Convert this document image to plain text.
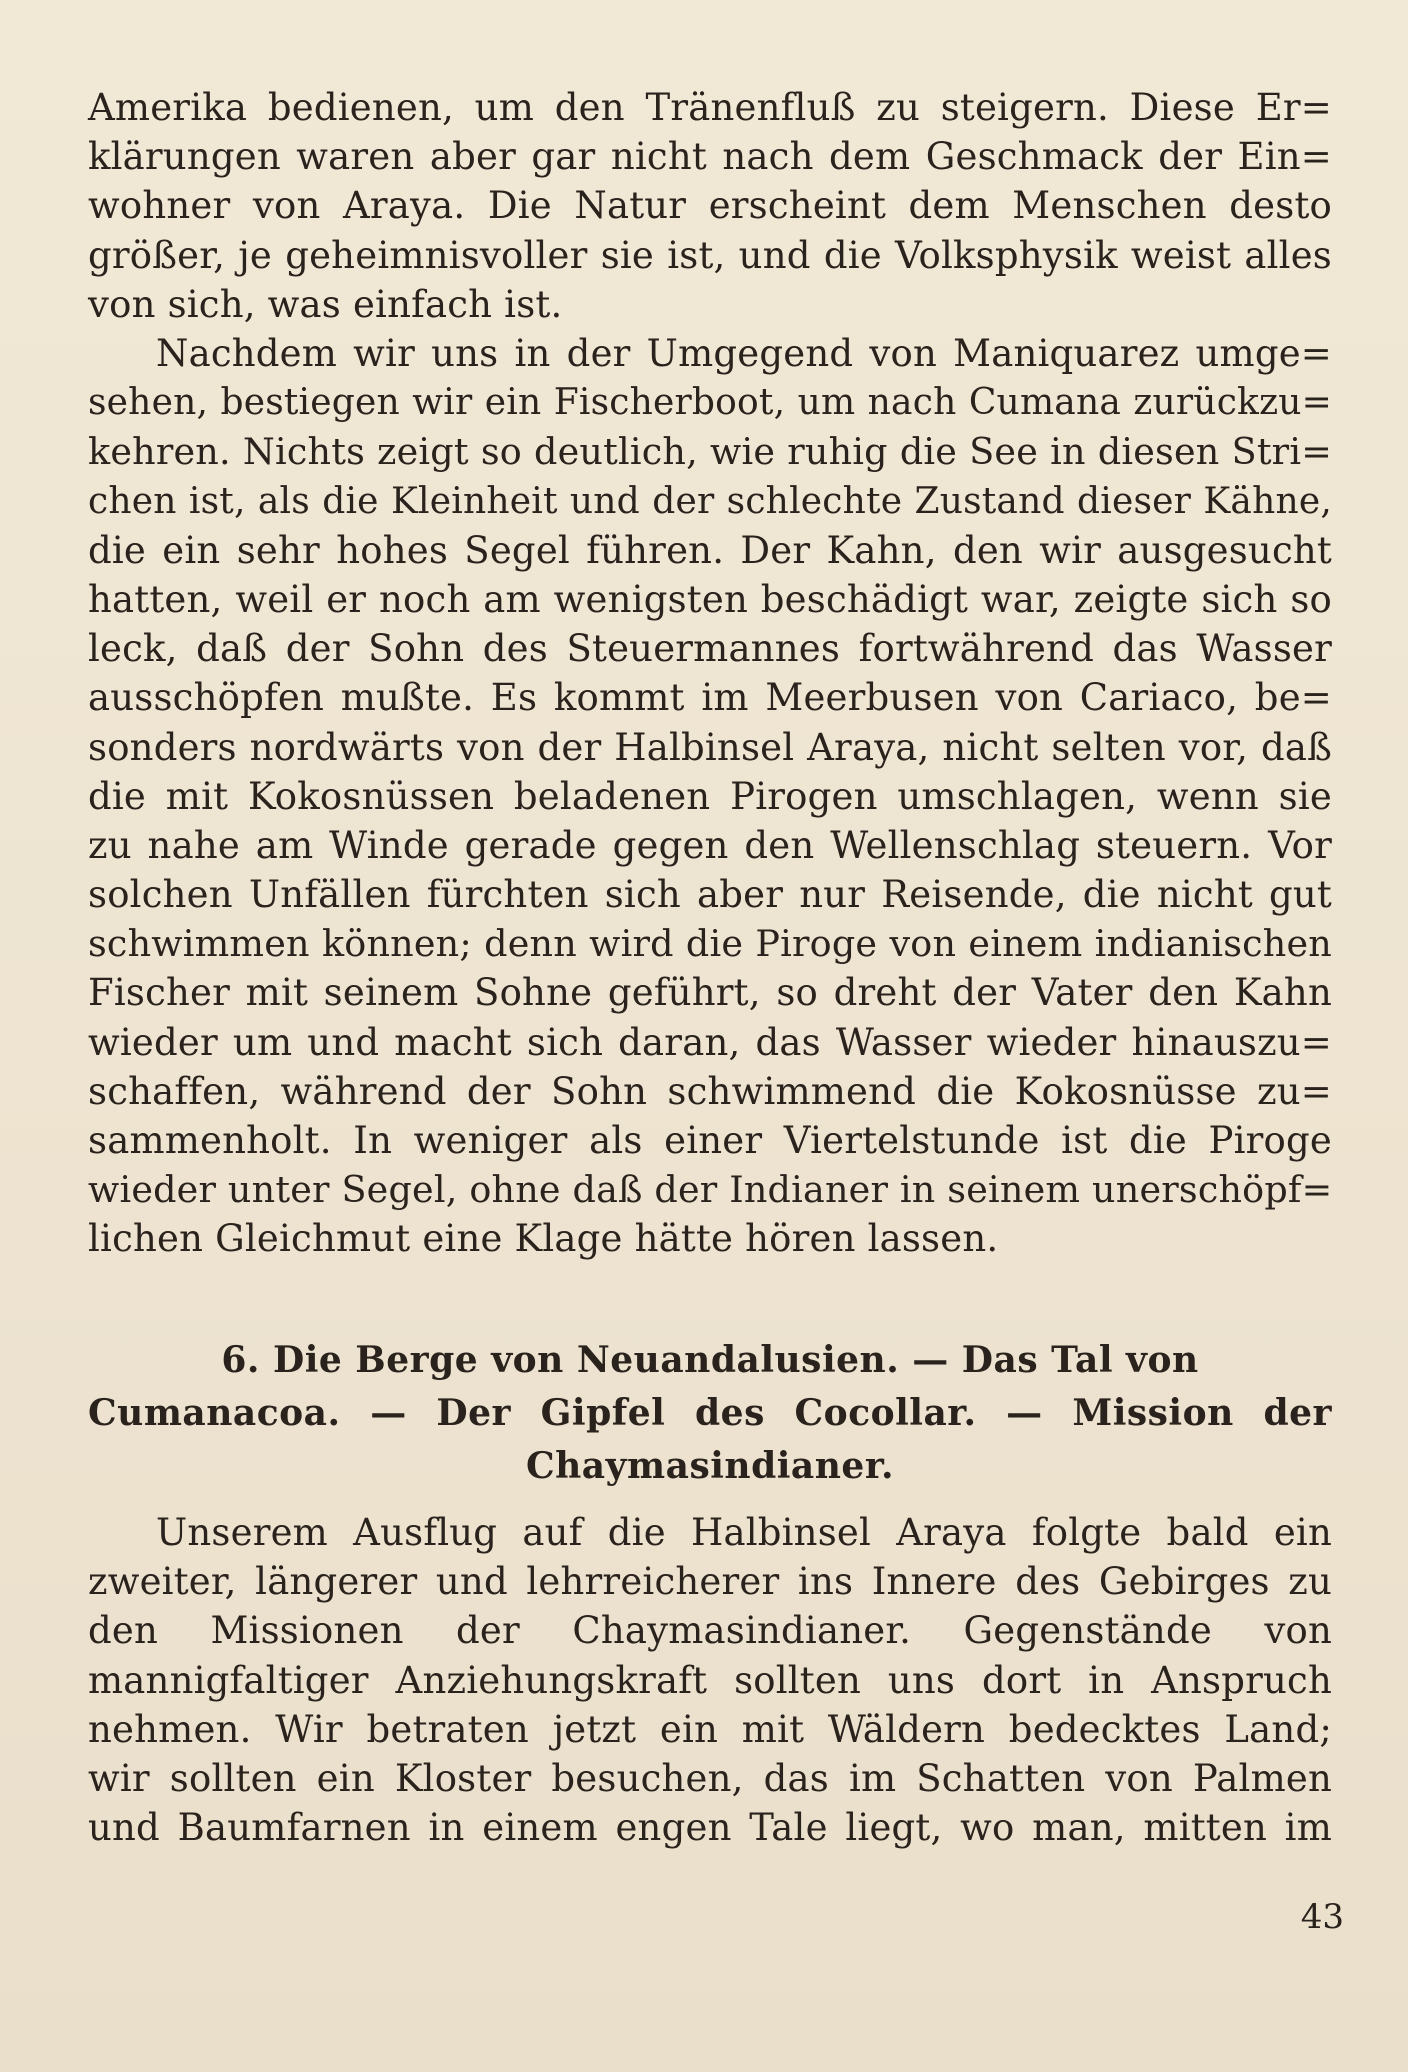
Amerika bedienen, um den Tränenfluß zu steigern. Diese Er=
klärungen waren aber gar nicht nach dem Geschmack der Ein=
wohner von Araya. Die Natur erscheint dem Menschen desto
größer, je geheimnisvoller sie ist, und die Volksphysik weist alles
von sich, was einfach ist.
Nachdem wir uns in der Umgegend von Maniquarez umge=
sehen, bestiegen wir ein Fischerboot, um nach Cumana zurückzu=
kehren. Nichts zeigt so deutlich, wie ruhig die See in diesen Stri=
chen ist, als die Kleinheit und der schlechte Zustand dieser Kähne,
die ein sehr hohes Segel führen. Der Kahn, den wir ausgesucht
hatten, weil er noch am wenigsten beschädigt war, zeigte sich so
leck, daß der Sohn des Steuermannes fortwährend das Wasser
ausschöpfen mußte. Es kommt im Meerbusen von Cariaco, be=
sonders nordwärts von der Halbinsel Araya, nicht selten vor, daß
die mit Kokosnüssen beladenen Pirogen umschlagen, wenn sie
zu nahe am Winde gerade gegen den Wellenschlag steuern. Vor
solchen Unfällen fürchten sich aber nur Reisende, die nicht gut
schwimmen können; denn wird die Piroge von einem indianischen
Fischer mit seinem Sohne geführt, so dreht der Vater den Kahn
wieder um und macht sich daran, das Wasser wieder hinauszu=
schaffen, während der Sohn schwimmend die Kokosnüsse zu=
sammenholt. In weniger als einer Viertelstunde ist die Piroge
wieder unter Segel, ohne daß der Indianer in seinem unerschöpf=
lichen Gleichmut eine Klage hätte hören lassen.
6. Die Berge von Neuandalusien. — Das Tal von
Cumanacoa. — Der Gipfel des Cocollar. — Mission der
Chaymasindianer.
Unserem Ausflug auf die Halbinsel Araya folgte bald ein
zweiter, längerer und lehrreicherer ins Innere des Gebirges zu
den Missionen der Chaymasindianer. Gegenstände von
mannigfaltiger Anziehungskraft sollten uns dort in Anspruch
nehmen. Wir betraten jetzt ein mit Wäldern bedecktes Land;
wir sollten ein Kloster besuchen, das im Schatten von Palmen
und Baumfarnen in einem engen Tale liegt, wo man, mitten im
43
